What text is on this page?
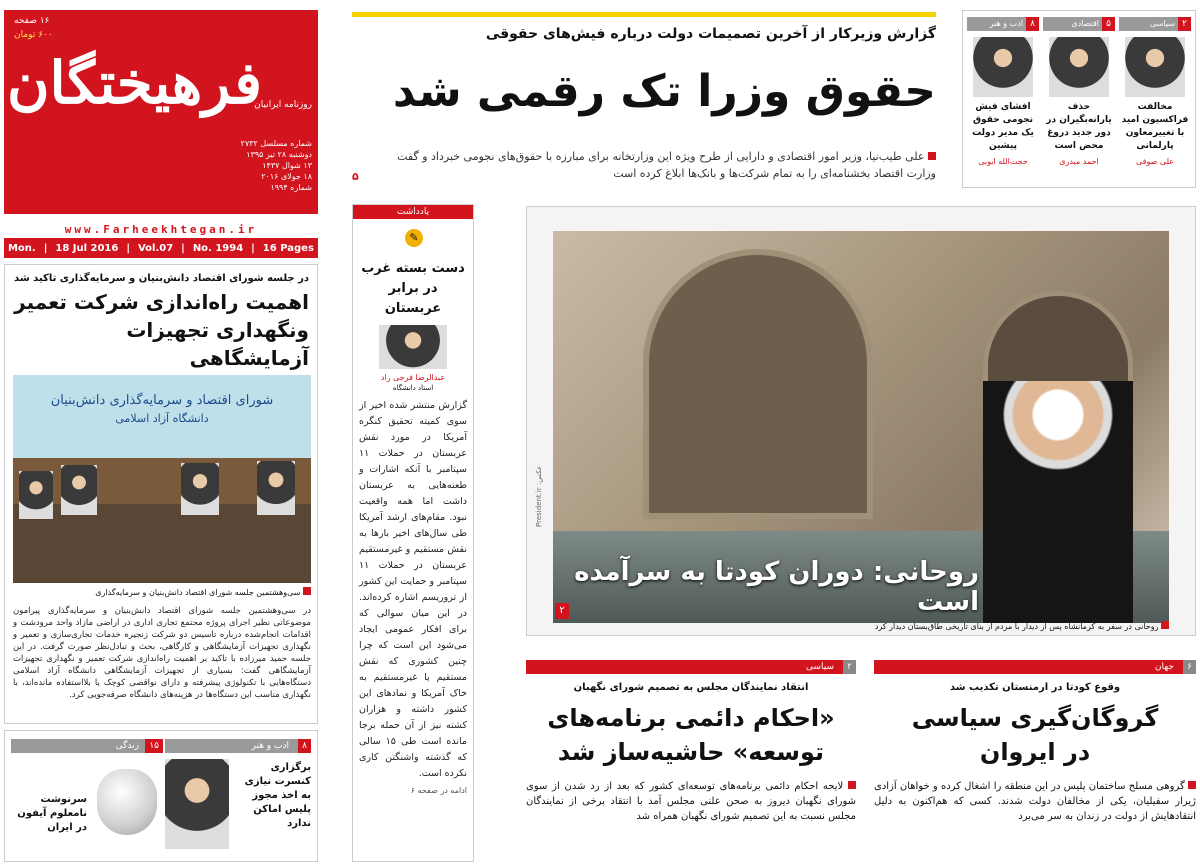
۱۶ صفحه
۶۰۰ تومان
فرهیختگان
روزنامه ایرانیان
شماره مسلسل ۲۷۳۲
دوشنبه ۲۸ تیر ۱۳۹۵
۱۳ شوال ۱۴۳۷
۱۸ جولای ۲۰۱۶
شماره ۱۹۹۴
www.Farheekhtegan.ir
Mon. | 18 Jul 2016 | Vol.07 | No. 1994 | 16 Pages
در جلسه شورای اقتصاد دانش‌بنیان و سرمایه‌گذاری تاکید شد
اهمیت راه‌اندازی شرکت تعمیر ونگهداری تجهیزات آزمایشگاهی
شورای اقتصاد و سرمایه‌گذاری دانش‌بنیان
دانشگاه آزاد اسلامی
سی‌وهشتمین جلسه شورای اقتصاد دانش‌بنیان و سرمایه‌گذاری
در سی‌وهشتمین جلسه شورای اقتصاد دانش‌بنیان و سرمایه‌گذاری پیرامون موضوعاتی نظیر اجرای پروژه مجتمع تجاری اداری در اراضی مازاد واحد مرودشت و اقدامات انجام‌شده درباره تاسیس دو شرکت زنجیره خدمات تجاری‌سازی و تعمیر و نگهداری تجهیزات آزمایشگاهی و کارگاهی، بحث و تبادل‌نظر صورت گرفت. در این جلسه حمید میرزاده با تاکید بر اهمیت راه‌اندازی شرکت تعمیر و نگهداری تجهیزات آزمایشگاهی گفت: بسیاری از تجهیزات آزمایشگاهی دانشگاه آزاد اسلامی دستگاه‌هایی با تکنولوژی پیشرفته و دارای نواقصی کوچک یا بلااستفاده مانده‌اند، با نگهداری مناسب این دستگاه‌ها در هزینه‌های دانشگاه صرفه‌جویی کرد.
۸
ادب و هنر
برگزاری کنسرت نیازی به اخذ مجوز پلیس اماکن ندارد
۱۵
زندگی
سرنوشت نامعلوم آیفون در ایران
یادداشت
✎
دست بسته غرب در برابر عربستان
عبدالرضا فرجی راد
استاد دانشگاه
گزارش منتشر شده اخیر از سوی کمیته تحقیق کنگره آمریکا در مورد نقش عربستان در حملات ۱۱ سپتامبر با آنکه اشارات و طعنه‌هایی به عربستان داشت اما همه واقعیت نبود. مقام‌های ارشد آمریکا طی سال‌های اخیر بارها به نقش مستقیم و غیرمستقیم عربستان در حملات ۱۱ سپتامبر و حمایت این کشور از تروریسم اشاره کرده‌اند. در این میان سوالی که برای افکار عمومی ایجاد می‌شود این است که چرا چنین کشوری که نقش مستقیم یا غیرمستقیم به خاک آمریکا و نمادهای این کشور داشته و هزاران کشته نیز از آن حمله برجا مانده است طی ۱۵ سالی که گذشته واشنگتن کاری نکرده است.
ادامه در صفحه ۶
گزارش وزیرکار از آخرین تصمیمات دولت درباره فیش‌های حقوقی
حقوق وزرا تک رقمی شد
علی طیب‌نیا، وزیر امور اقتصادی و دارایی از طرح ویژه این وزارتخانه برای مبارزه با حقوق‌های نجومی خبرداد و گفت وزارت اقتصاد بخشنامه‌ای را به تمام شرکت‌ها و بانک‌ها ابلاغ کرده است
۵
۲
سیاسی
مخالفت فراکسیون امید با تغییرمعاون پارلمانی
علی صوفی
۵
اقتصادی
حذف یارانه‌بگیران در دور جدید دروغ محض است
احمد میدری
۸
ادب و هنر
افشای فیش نجومی حقوق یک مدیر دولت پیشین
حجت‌الله ایوبی
روحانی: دوران کودتا به سرآمده است
۲
عکس: President.ir
روحانی در سفر به کرمانشاه پس از دیدار با مردم از بنای تاریخی طاق‌بستان دیدار کرد
۲
سیاسی
انتقاد نمایندگان مجلس به تصمیم شورای نگهبان
«احکام دائمی برنامه‌های
توسعه» حاشیه‌ساز شد
لایحه احکام دائمی برنامه‌های توسعه‌ای کشور که بعد از رد شدن از سوی شورای نگهبان دیروز به صحن علنی مجلس آمد با انتقاد برخی از نمایندگان مجلس نسبت به این تصمیم شورای نگهبان همراه شد
۶
جهان
وقوع کودتا در ارمنستان تکذیب شد
گروگان‌گیری سیاسی
در ایروان
گروهی مسلح ساختمان پلیس در این منطقه را اشغال کرده و خواهان آزادی ژیرار سفیلیان، یکی از مخالفان دولت شدند. کسی که هم‌اکنون به دلیل انتقادهایش از دولت در زندان به سر می‌برد
